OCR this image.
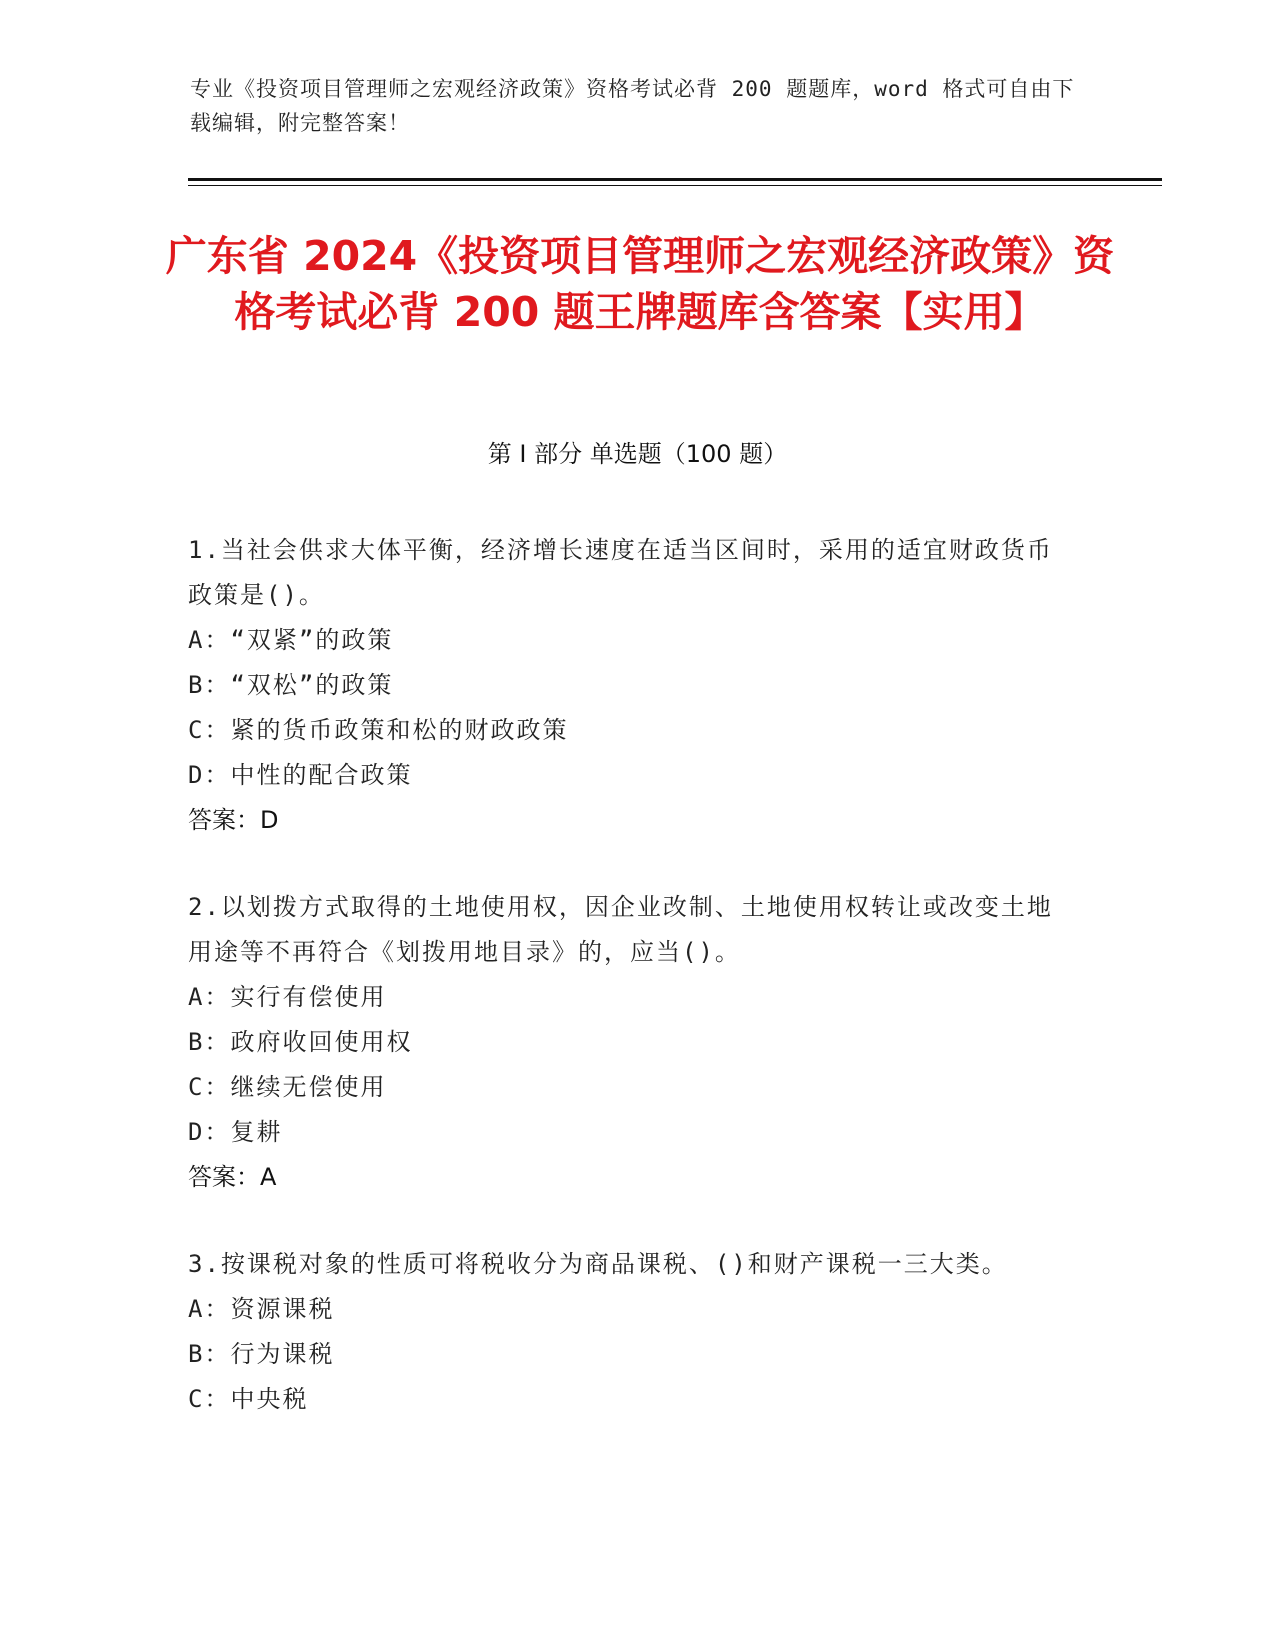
专业《投资项目管理师之宏观经济政策》资格考试必背 200 题题库，word 格式可自由下载编辑，附完整答案！
广东省 2024《投资项目管理师之宏观经济政策》资格考试必背 200 题王牌题库含答案【实用】
第 I 部分 单选题（100 题）

1.当社会供求大体平衡，经济增长速度在适当区间时，采用的适宜财政货币政策是()。

A：“双紧”的政策

B：“双松”的政策

C：紧的货币政策和松的财政政策

D：中性的配合政策

答案：D

2.以划拨方式取得的土地使用权，因企业改制、土地使用权转让或改变土地用途等不再符合《划拨用地目录》的，应当()。

A：实行有偿使用

B：政府收回使用权

C：继续无偿使用

D：复耕

答案：A

3.按课税对象的性质可将税收分为商品课税、()和财产课税一三大类。

A：资源课税

B：行为课税

C：中央税
